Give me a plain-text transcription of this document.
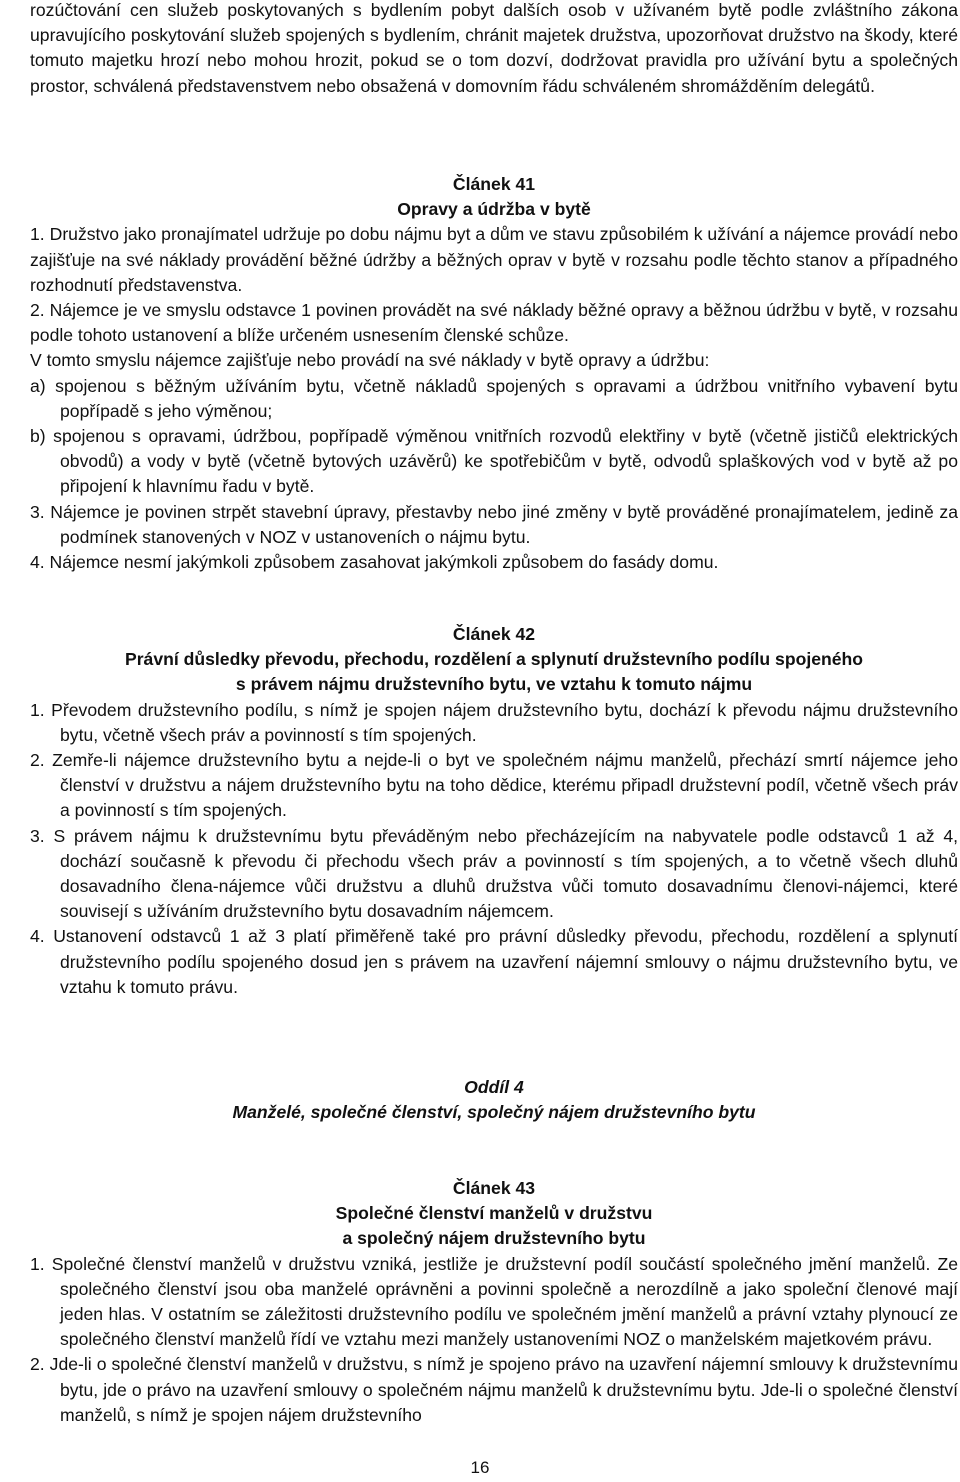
rozúčtování cen služeb poskytovaných s bydlením pobyt dalších osob v užívaném bytě podle zvláštního zákona upravujícího poskytování služeb spojených s bydlením, chránit majetek družstva, upozorňovat družstvo na škody, které tomuto majetku hrozí nebo mohou hrozit, pokud se o tom dozví, dodržovat pravidla pro užívání bytu a společných prostor, schválená představenstvem nebo obsažená v domovním řádu schváleném shromážděním delegátů.

Článek 41

Opravy a údržba v bytě

1. Družstvo jako pronajímatel udržuje po dobu nájmu byt a dům ve stavu způsobilém k užívání a nájemce provádí nebo zajišťuje na své náklady provádění běžné údržby a běžných oprav v bytě v rozsahu podle těchto stanov a případného rozhodnutí představenstva.

2. Nájemce je ve smyslu odstavce 1 povinen provádět na své náklady běžné opravy a běžnou údržbu v bytě, v rozsahu podle tohoto ustanovení a blíže určeném usnesením členské schůze.

V tomto smyslu nájemce zajišťuje nebo provádí na své náklady v bytě opravy a údržbu:

a) spojenou s běžným užíváním bytu, včetně nákladů spojených s opravami a údržbou vnitřního vybavení bytu popřípadě s jeho výměnou;

b) spojenou s opravami, údržbou, popřípadě výměnou vnitřních rozvodů elektřiny v bytě (včetně jističů elektrických obvodů) a vody v bytě (včetně bytových uzávěrů) ke spotřebičům v bytě, odvodů splaškových vod v bytě až po připojení k hlavnímu řadu v bytě.

3. Nájemce je povinen strpět stavební úpravy, přestavby nebo jiné změny v bytě prováděné pronajímatelem, jedině za podmínek stanovených v NOZ v ustanoveních o nájmu bytu.

4. Nájemce nesmí jakýmkoli způsobem zasahovat jakýmkoli způsobem do fasády domu.

Článek 42

Právní důsledky převodu, přechodu, rozdělení a splynutí družstevního podílu spojeného

s právem nájmu družstevního bytu, ve vztahu k tomuto nájmu

1. Převodem družstevního podílu, s nímž je spojen nájem družstevního bytu, dochází k převodu nájmu družstevního bytu, včetně všech práv a povinností s tím spojených.

2. Zemře-li nájemce družstevního bytu a nejde-li o byt ve společném nájmu manželů, přechází smrtí nájemce jeho členství v družstvu a nájem družstevního bytu na toho dědice, kterému připadl družstevní podíl, včetně všech práv a povinností s tím spojených.

3. S právem nájmu k družstevnímu bytu převáděným nebo přecházejícím na nabyvatele podle odstavců 1 až 4, dochází současně k převodu či přechodu všech práv a povinností s tím spojených, a to včetně všech dluhů dosavadního člena-nájemce vůči družstvu a dluhů družstva vůči tomuto dosavadnímu členovi-nájemci, které souvisejí s užíváním družstevního bytu dosavadním nájemcem.

4. Ustanovení odstavců 1 až 3 platí přiměřeně také pro právní důsledky převodu, přechodu, rozdělení a splynutí družstevního podílu spojeného dosud jen s právem na uzavření nájemní smlouvy o nájmu družstevního bytu, ve vztahu k tomuto právu.

Oddíl 4

Manželé, společné členství, společný nájem družstevního bytu

Článek 43

Společné členství manželů v družstvu

a společný nájem družstevního bytu

1. Společné členství manželů v družstvu vzniká, jestliže je družstevní podíl součástí společného jmění manželů. Ze společného členství jsou oba manželé oprávněni a povinni společně a nerozdílně a jako společní členové mají jeden hlas. V ostatním se záležitosti družstevního podílu ve společném jmění manželů a právní vztahy plynoucí ze společného členství manželů řídí ve vztahu mezi manžely ustanoveními NOZ o manželském majetkovém právu.

2. Jde-li o společné členství manželů v družstvu, s nímž je spojeno právo na uzavření nájemní smlouvy k družstevnímu bytu, jde o právo na uzavření smlouvy o společném nájmu manželů k družstevnímu bytu. Jde-li o společné členství manželů, s nímž je spojen nájem družstevního

16
